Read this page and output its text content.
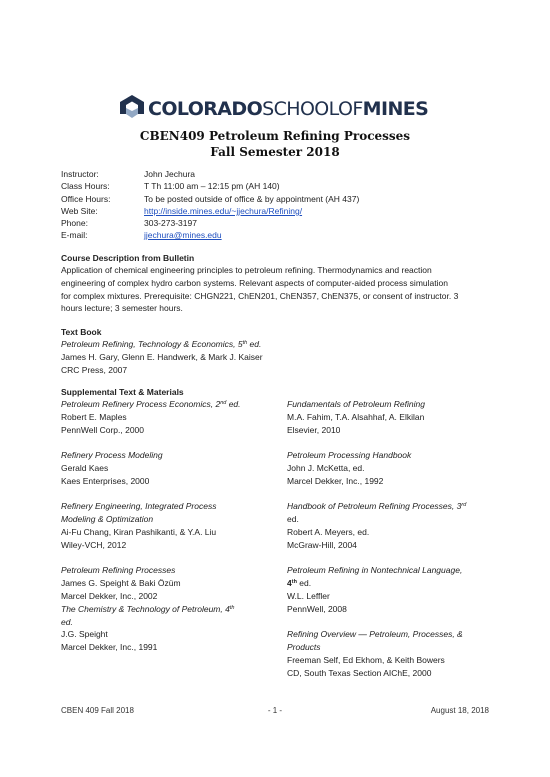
COLORADOSCHOOLOFMINES
CBEN409 Petroleum Refining Processes
Fall Semester 2018
Instructor:	John Jechura
Class Hours:	T Th 11:00 am – 12:15 pm (AH 140)
Office Hours:	To be posted outside of office & by appointment (AH 437)
Web Site:	http://inside.mines.edu/~jjechura/Refining/
Phone:	303-273-3197
E-mail:	jjechura@mines.edu
Course Description from Bulletin
Application of chemical engineering principles to petroleum refining. Thermodynamics and reaction
engineering of complex hydro carbon systems. Relevant aspects of computer-aided process simulation
for complex mixtures. Prerequisite: CHGN221, ChEN201, ChEN357, ChEN375, or consent of instructor. 3
hours lecture; 3 semester hours.
Text Book
Petroleum Refining, Technology & Economics, 5th ed.
James H. Gary, Glenn E. Handwerk, & Mark J. Kaiser
CRC Press, 2007
Supplemental Text & Materials
Petroleum Refinery Process Economics, 2nd ed.
Robert E. Maples
PennWell Corp., 2000
Refinery Process Modeling
Gerald Kaes
Kaes Enterprises, 2000
Refinery Engineering, Integrated Process
Modeling & Optimization
Ai-Fu Chang, Kiran Pashikanti, & Y.A. Liu
Wiley-VCH, 2012
Petroleum Refining Processes
James G. Speight & Baki Özüm
Marcel Dekker, Inc., 2002
The Chemistry & Technology of Petroleum, 4th
ed.
J.G. Speight
Marcel Dekker, Inc., 1991
Fundamentals of Petroleum Refining
M.A. Fahim, T.A. Alsahhaf, A. Elkilan
Elsevier, 2010
Petroleum Processing Handbook
John J. McKetta, ed.
Marcel Dekker, Inc., 1992
Handbook of Petroleum Refining Processes, 3rd
ed.
Robert A. Meyers, ed.
McGraw-Hill, 2004
Petroleum Refining in Nontechnical Language,
4th ed.
W.L. Leffler
PennWell, 2008
Refining Overview — Petroleum, Processes, &
Products
Freeman Self, Ed Ekhom, & Keith Bowers
CD, South Texas Section AIChE, 2000
CBEN 409 Fall 2018	- 1 -	August 18, 2018
